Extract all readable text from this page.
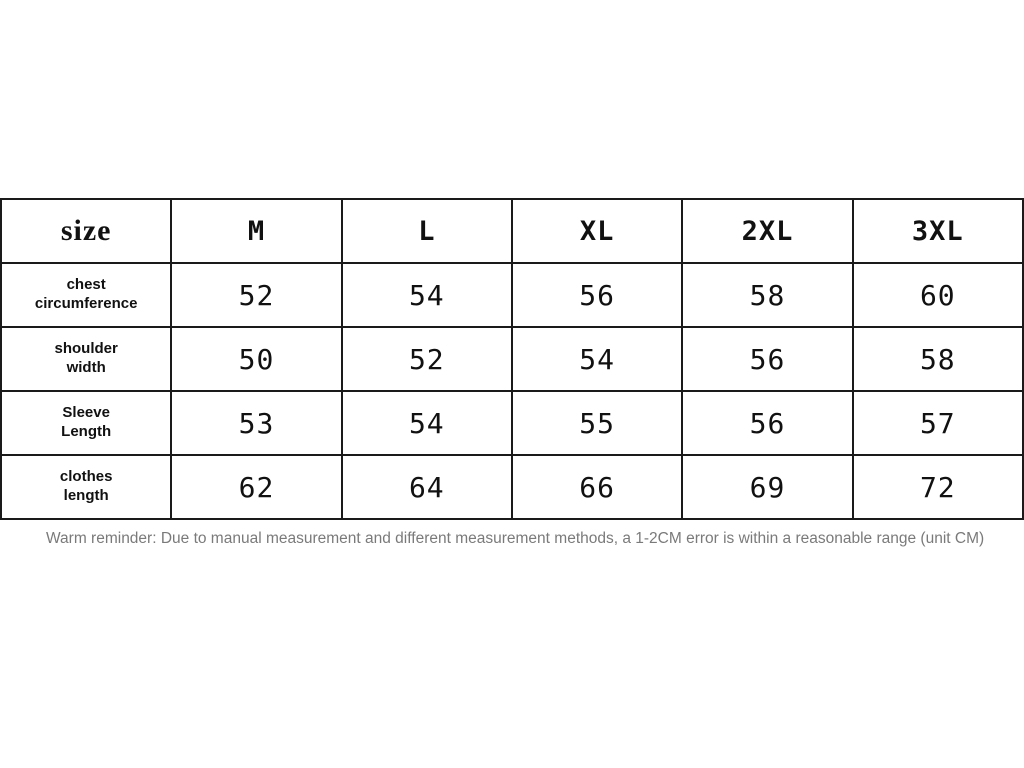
size	M	L	XL	2XL	3XL

chest
circumference	52	54	56	58	60

shoulder
width	50	52	54	56	58

Sleeve
Length	53	54	55	56	57

clothes
length	62	64	66	69	72
Warm reminder: Due to manual measurement and different measurement methods, a 1-2CM error is within a reasonable range (unit CM)
